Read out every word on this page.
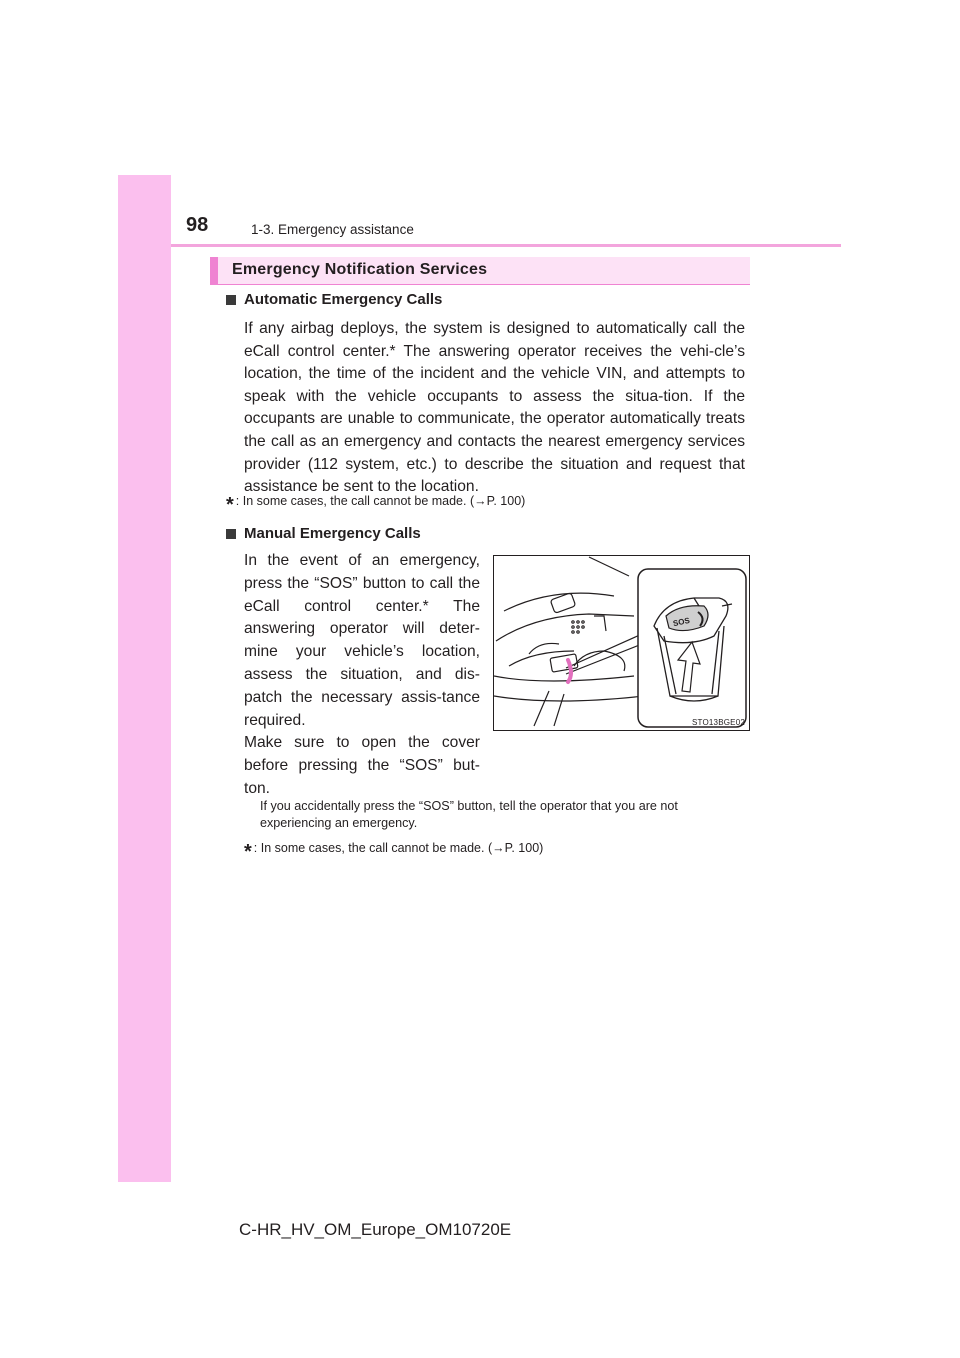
98	1-3. Emergency assistance
Emergency Notification Services
Automatic Emergency Calls

If any airbag deploys, the system is designed to automatically call the eCall control center.* The answering operator receives the vehi-cle’s location, the time of the incident and the vehicle VIN, and attempts to speak with the vehicle occupants to assess the situa-tion. If the occupants are unable to communicate, the operator automatically treats the call as an emergency and contacts the nearest emergency services provider (112 system, etc.) to describe the situation and request that assistance be sent to the location.

* : In some cases, the call cannot be made. (→P. 100)
Manual Emergency Calls

In the event of an emergency, press the “SOS” button to call the eCall control center.* The answering operator will deter-mine your vehicle’s location, assess the situation, and dis-patch the necessary assis-tance required.

Make sure to open the cover before pressing the “SOS” but-ton.

SOS
STO13BGE02

If you accidentally press the “SOS” button, tell the operator that you are not experiencing an emergency.

* : In some cases, the call cannot be made. (→P. 100)
C-HR_HV_OM_Europe_OM10720E
